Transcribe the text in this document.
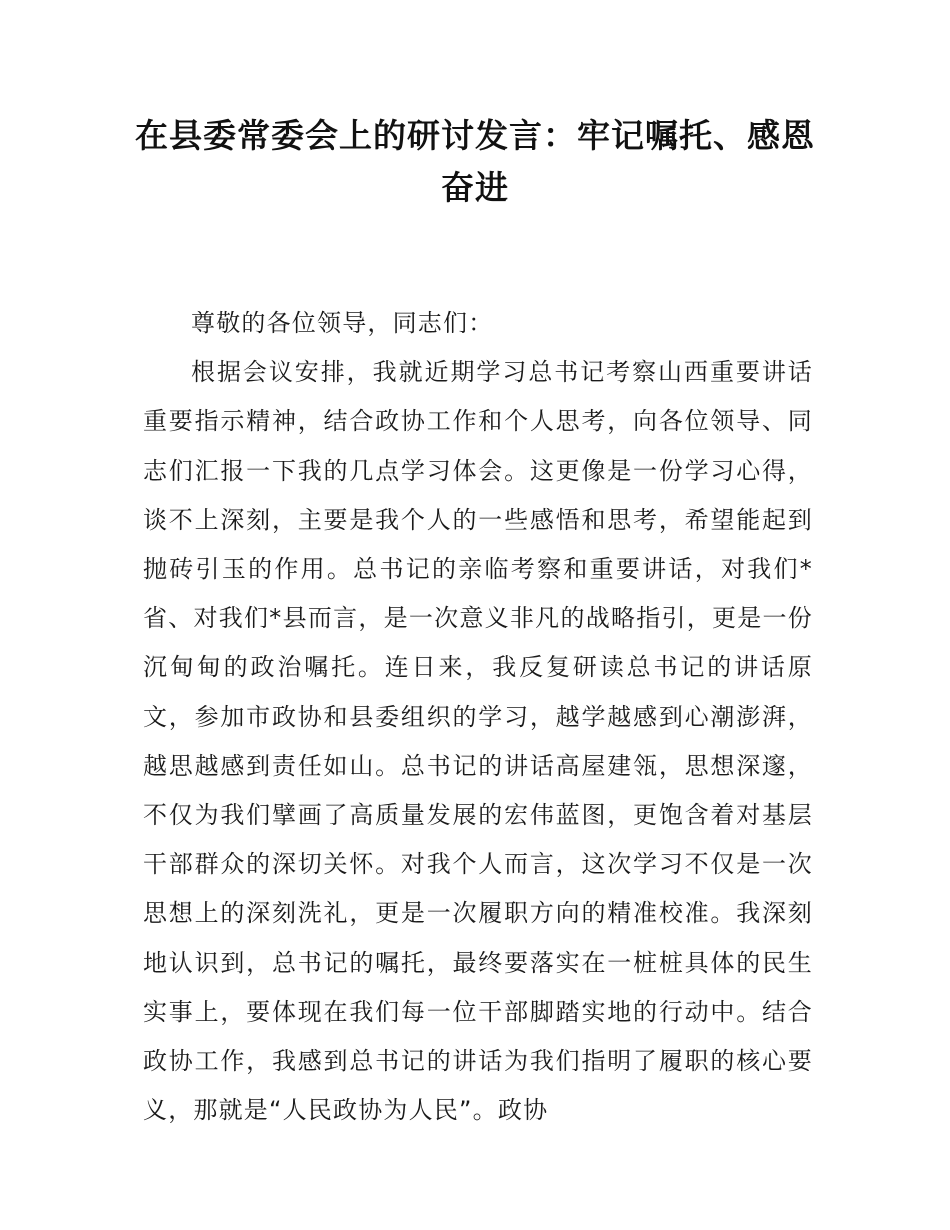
在县委常委会上的研讨发言：牢记嘱托、感恩奋进

尊敬的各位领导，同志们：

根据会议安排，我就近期学习总书记考察山西重要讲话重要指示精神，结合政协工作和个人思考，向各位领导、同志们汇报一下我的几点学习体会。这更像是一份学习心得，谈不上深刻，主要是我个人的一些感悟和思考，希望能起到抛砖引玉的作用。总书记的亲临考察和重要讲话，对我们*省、对我们*县而言，是一次意义非凡的战略指引，更是一份沉甸甸的政治嘱托。连日来，我反复研读总书记的讲话原文，参加市政协和县委组织的学习，越学越感到心潮澎湃，越思越感到责任如山。总书记的讲话高屋建瓴，思想深邃，不仅为我们擘画了高质量发展的宏伟蓝图，更饱含着对基层干部群众的深切关怀。对我个人而言，这次学习不仅是一次思想上的深刻洗礼，更是一次履职方向的精准校准。我深刻地认识到，总书记的嘱托，最终要落实在一桩桩具体的民生实事上，要体现在我们每一位干部脚踏实地的行动中。结合政协工作，我感到总书记的讲话为我们指明了履职的核心要义，那就是“人民政协为人民”。政协
